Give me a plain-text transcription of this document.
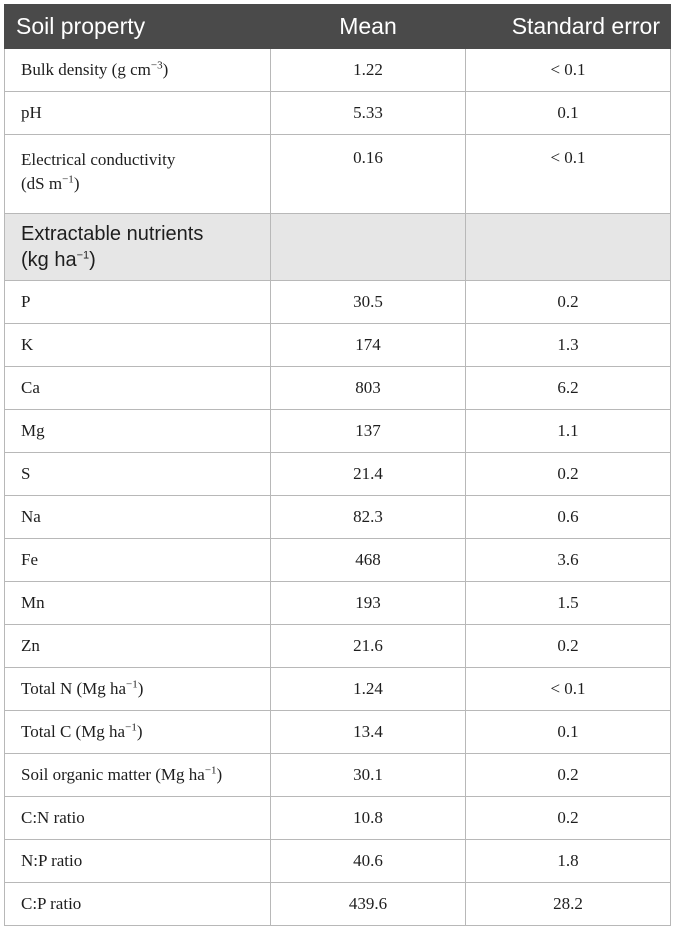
Soil property	Mean	Standard error
Bulk density (g $cm^{-3}$)	1.22	< 0.1
pH	5.33	0.1
Electrical conductivity
(dS $m^{-1}$)	0.16	< 0.1
Extractable nutrients
(kg $ha^{-1}$)		
P	30.5	0.2
K	174	1.3
Ca	803	6.2
Mg	137	1.1
S	21.4	0.2
Na	82.3	0.6
Fe	468	3.6
Mn	193	1.5
Zn	21.6	0.2
Total N (Mg $ha^{-1}$)	1.24	< 0.1
Total C (Mg $ha^{-1}$)	13.4	0.1
Soil organic matter (Mg $ha^{-1}$)	30.1	0.2
C:N ratio	10.8	0.2
N:P ratio	40.6	1.8
C:P ratio	439.6	28.2
